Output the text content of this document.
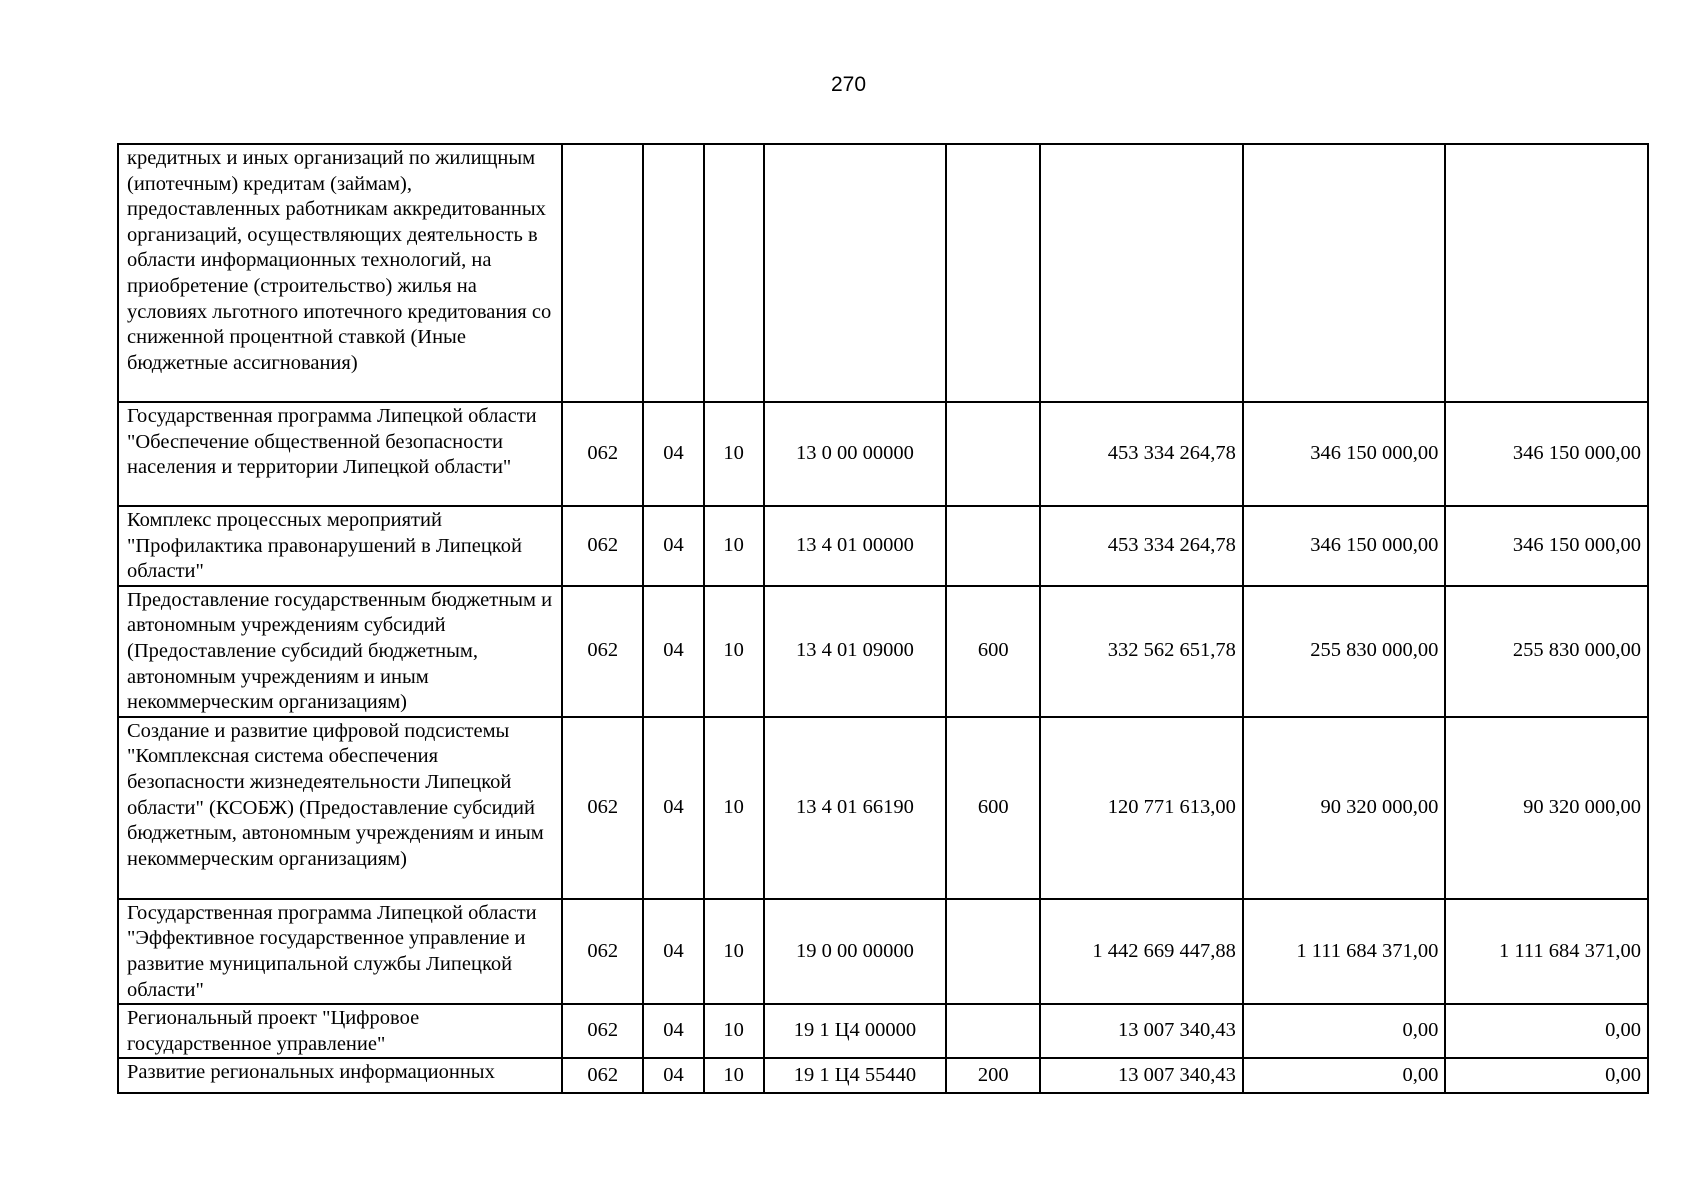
270
кредитных и иных организаций по жилищным (ипотечным) кредитам (займам), предоставленных работникам аккредитованных организаций, осуществляющих деятельность в области информационных технологий, на приобретение (строительство) жилья на условиях льготного ипотечного кредитования со сниженной процентной ставкой (Иные бюджетные ассигнования)								
Государственная программа Липецкой области "Обеспечение общественной безопасности населения и территории Липецкой области"	062	04	10	13 0 00 00000		453 334 264,78	346 150 000,00	346 150 000,00
Комплекс процессных мероприятий "Профилактика правонарушений в Липецкой области"	062	04	10	13 4 01 00000		453 334 264,78	346 150 000,00	346 150 000,00
Предоставление государственным бюджетным и автономным учреждениям субсидий (Предоставление субсидий бюджетным, автономным учреждениям и иным некоммерческим организациям)	062	04	10	13 4 01 09000	600	332 562 651,78	255 830 000,00	255 830 000,00
Создание и развитие цифровой подсистемы "Комплексная система обеспечения безопасности жизнедеятельности Липецкой области" (КСОБЖ) (Предоставление субсидий бюджетным, автономным учреждениям и иным некоммерческим организациям)	062	04	10	13 4 01 66190	600	120 771 613,00	90 320 000,00	90 320 000,00
Государственная программа Липецкой области "Эффективное государственное управление и развитие муниципальной службы Липецкой области"	062	04	10	19 0 00 00000		1 442 669 447,88	1 111 684 371,00	1 111 684 371,00
Региональный проект "Цифровое государственное управление"	062	04	10	19 1 Ц4 00000		13 007 340,43	0,00	0,00
Развитие региональных информационных	062	04	10	19 1 Ц4 55440	200	13 007 340,43	0,00	0,00
